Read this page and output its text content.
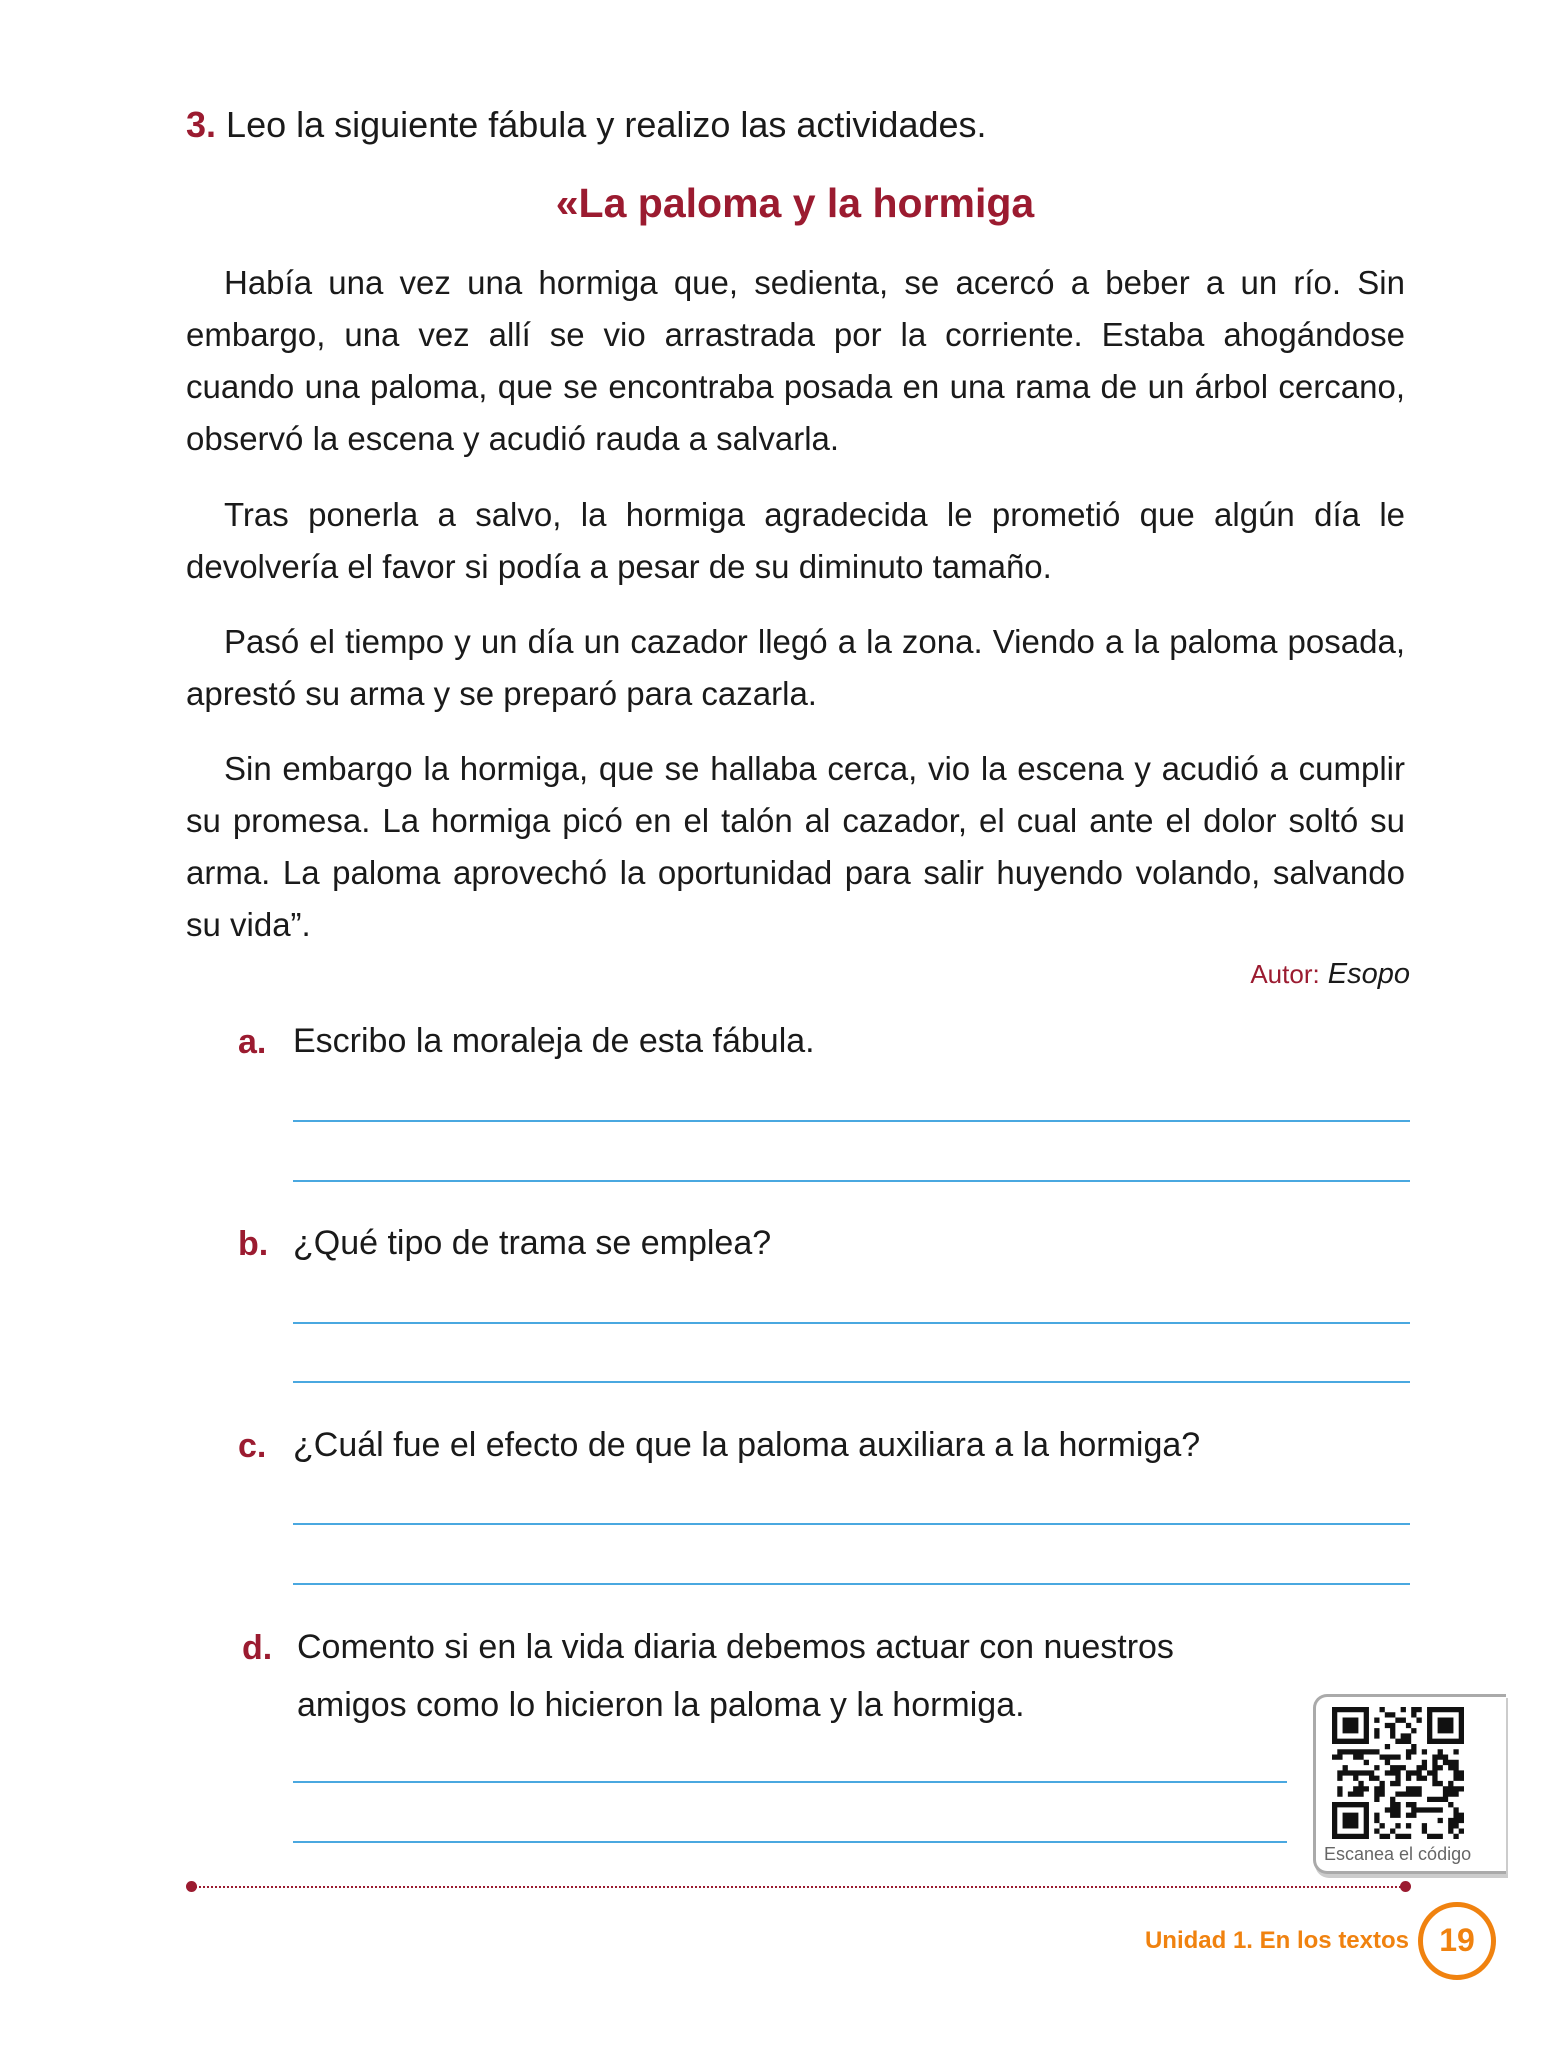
3. Leo la siguiente fábula y realizo las actividades.
«La paloma y la hormiga
Había una vez una hormiga que, sedienta, se acercó a beber a un río. Sin embargo, una vez allí se vio arrastrada por la corriente. Estaba ahogándose cuando una paloma, que se encontraba posada en una rama de un árbol cercano, observó la escena y acudió rauda a salvarla.
Tras ponerla a salvo, la hormiga agradecida le prometió que algún día le devolvería el favor si podía a pesar de su diminuto tamaño.
Pasó el tiempo y un día un cazador llegó a la zona. Viendo a la paloma posada, aprestó su arma y se preparó para cazarla.
Sin embargo la hormiga, que se hallaba cerca, vio la escena y acudió a cumplir su promesa. La hormiga picó en el talón al cazador, el cual ante el dolor soltó su arma. La paloma aprovechó la oportunidad para salir huyendo volando, salvando su vida”.
Autor: Esopo
a. Escribo la moraleja de esta fábula.
b. ¿Qué tipo de trama se emplea?
c. ¿Cuál fue el efecto de que la paloma auxiliara a la hormiga?
d. Comento si en la vida diaria debemos actuar con nuestros
amigos como lo hicieron la paloma y la hormiga.
Escanea el código
Unidad 1. En los textos 19
